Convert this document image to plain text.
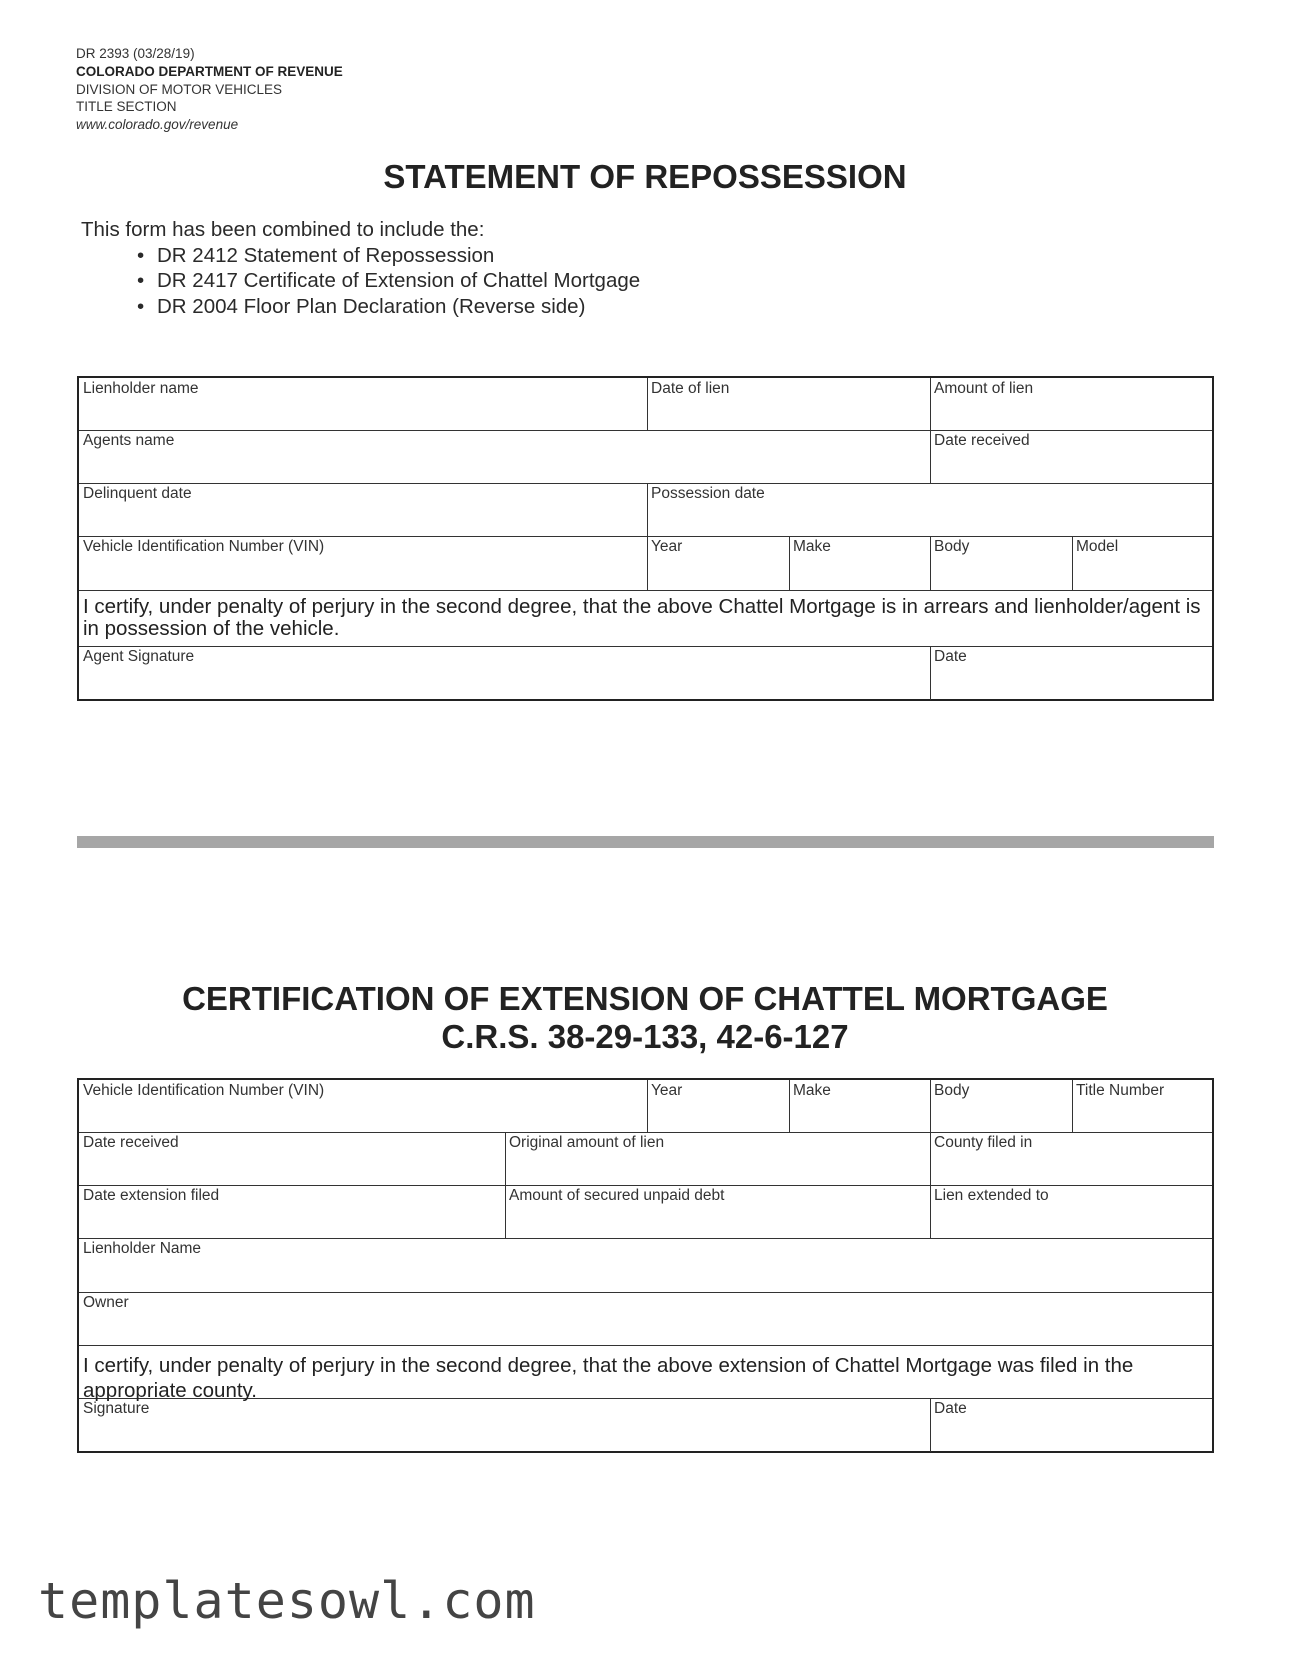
DR 2393 (03/28/19)
COLORADO DEPARTMENT OF REVENUE
DIVISION OF MOTOR VEHICLES
TITLE SECTION
www.colorado.gov/revenue
STATEMENT OF REPOSSESSION
This form has been combined to include the:
• DR 2412 Statement of Repossession
• DR 2417 Certificate of Extension of Chattel Mortgage
• DR 2004 Floor Plan Declaration (Reverse side)
Lienholder name	Date of lien	Amount of lien
Agents name	Date received
Delinquent date	Possession date
Vehicle Identification Number (VIN)	Year	Make	Body	Model
I certify, under penalty of perjury in the second degree, that the above Chattel Mortgage is in arrears and lienholder/agent is in possession of the vehicle.
Agent Signature	Date
CERTIFICATION OF EXTENSION OF CHATTEL MORTGAGE
C.R.S. 38-29-133, 42-6-127
Vehicle Identification Number (VIN)	Year	Make	Body	Title Number
Date received	Original amount of lien	County filed in
Date extension filed	Amount of secured unpaid debt	Lien extended to
Lienholder Name
Owner
I certify, under penalty of perjury in the second degree, that the above extension of Chattel Mortgage was filed in the appropriate county.
Signature	Date
templatesowl.com
